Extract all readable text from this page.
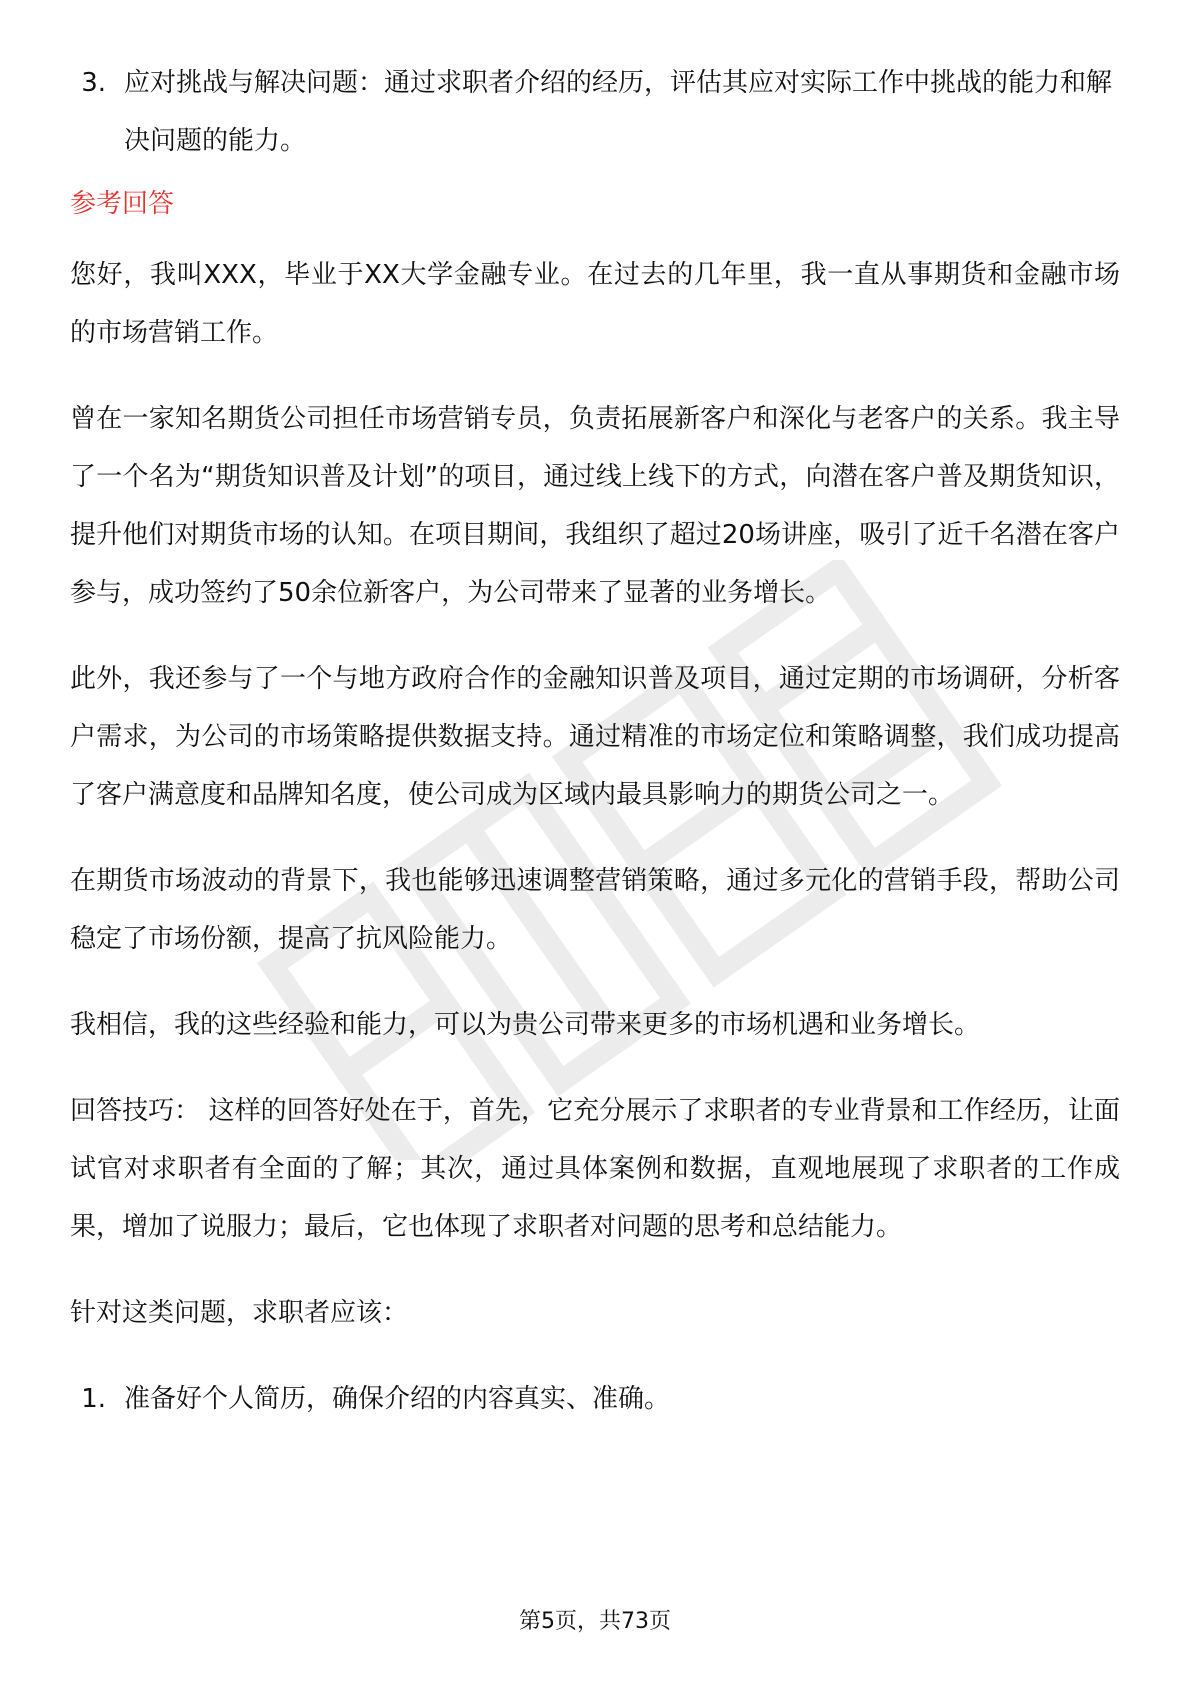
3. 应对挑战与解决问题：通过求职者介绍的经历，评估其应对实际工作中挑战的能力和解决问题的能力。

参考回答

您好，我叫XXX，毕业于XX大学金融专业。在过去的几年里，我一直从事期货和金融市场的市场营销工作。

曾在一家知名期货公司担任市场营销专员，负责拓展新客户和深化与老客户的关系。我主导了一个名为“期货知识普及计划”的项目，通过线上线下的方式，向潜在客户普及期货知识，提升他们对期货市场的认知。在项目期间，我组织了超过20场讲座，吸引了近千名潜在客户参与，成功签约了50余位新客户，为公司带来了显著的业务增长。

此外，我还参与了一个与地方政府合作的金融知识普及项目，通过定期的市场调研，分析客户需求，为公司的市场策略提供数据支持。通过精准的市场定位和策略调整，我们成功提高了客户满意度和品牌知名度，使公司成为区域内最具影响力的期货公司之一。

在期货市场波动的背景下，我也能够迅速调整营销策略，通过多元化的营销手段，帮助公司稳定了市场份额，提高了抗风险能力。

我相信，我的这些经验和能力，可以为贵公司带来更多的市场机遇和业务增长。

回答技巧： 这样的回答好处在于，首先，它充分展示了求职者的专业背景和工作经历，让面试官对求职者有全面的了解；其次，通过具体案例和数据，直观地展现了求职者的工作成果，增加了说服力；最后，它也体现了求职者对问题的思考和总结能力。

针对这类问题，求职者应该：

1. 准备好个人简历，确保介绍的内容真实、准确。

第5页，共73页
